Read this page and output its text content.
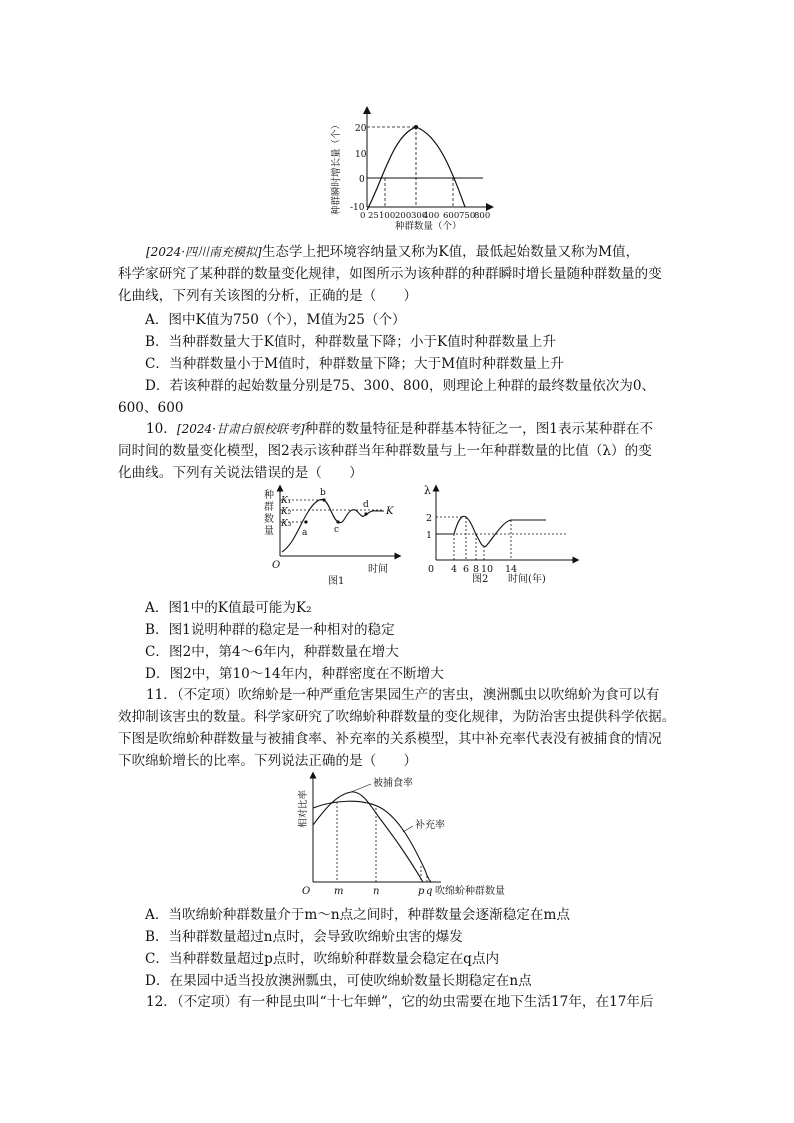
20
10
0
-10
0 25 100 200 300
400 600 750
800
种群数量（个）
种群瞬时增长量（个）

[2024·四川南充模拟]生态学上把环境容纳量又称为K值，最低起始数量又称为M值，

科学家研究了某种群的数量变化规律，如图所示为该种群的种群瞬时增长量随种群数量的变

化曲线，下列有关该图的分析，正确的是（　　）

A．图中K值为750（个），M值为25（个）
B．当种群数量大于K值时，种群数量下降；小于K值时种群数量上升
C．当种群数量小于M值时，种群数量下降；大于M值时种群数量上升
D．若该种群的起始数量分别是75、300、800，则理论上种群的最终数量依次为0、
600、600

10．[2024·甘肃白银校联考]种群的数量特征是种群基本特征之一，图1表示某种群在不

同时间的数量变化模型，图2表示该种群当年种群数量与上一年种群数量的比值（λ）的变

化曲线。下列有关说法错误的是（　　）

K₁
K₂
K₃
K
a
b
c
d
种
群
数
量
O	时间
图1
λ
2
1
0 4 6 8 10 14
时间(年)
图2
A．图1中的K值最可能为K₂
B．图1说明种群的稳定是一种相对的稳定
C．图2中，第4～6年内，种群数量在增大
D．图2中，第10～14年内，种群密度在不断增大

11．（不定项）吹绵蚧是一种严重危害果园生产的害虫，澳洲瓢虫以吹绵蚧为食可以有

效抑制该害虫的数量。科学家研究了吹绵蚧种群数量的变化规律，为防治害虫提供科学依据。

下图是吹绵蚧种群数量与被捕食率、补充率的关系模型，其中补充率代表没有被捕食的情况

下吹绵蚧增长的比率。下列说法正确的是（　　）

被捕食率
补充率
相对比率
O m	n	p q 吹绵蚧种群数量
A．当吹绵蚧种群数量介于m～n点之间时，种群数量会逐渐稳定在m点
B．当种群数量超过n点时，会导致吹绵蚧虫害的爆发
C．当种群数量超过p点时，吹绵蚧种群数量会稳定在q点内
D．在果园中适当投放澳洲瓢虫，可使吹绵蚧数量长期稳定在n点

12．（不定项）有一种昆虫叫“十七年蝉”，它的幼虫需要在地下生活17年，在17年后
